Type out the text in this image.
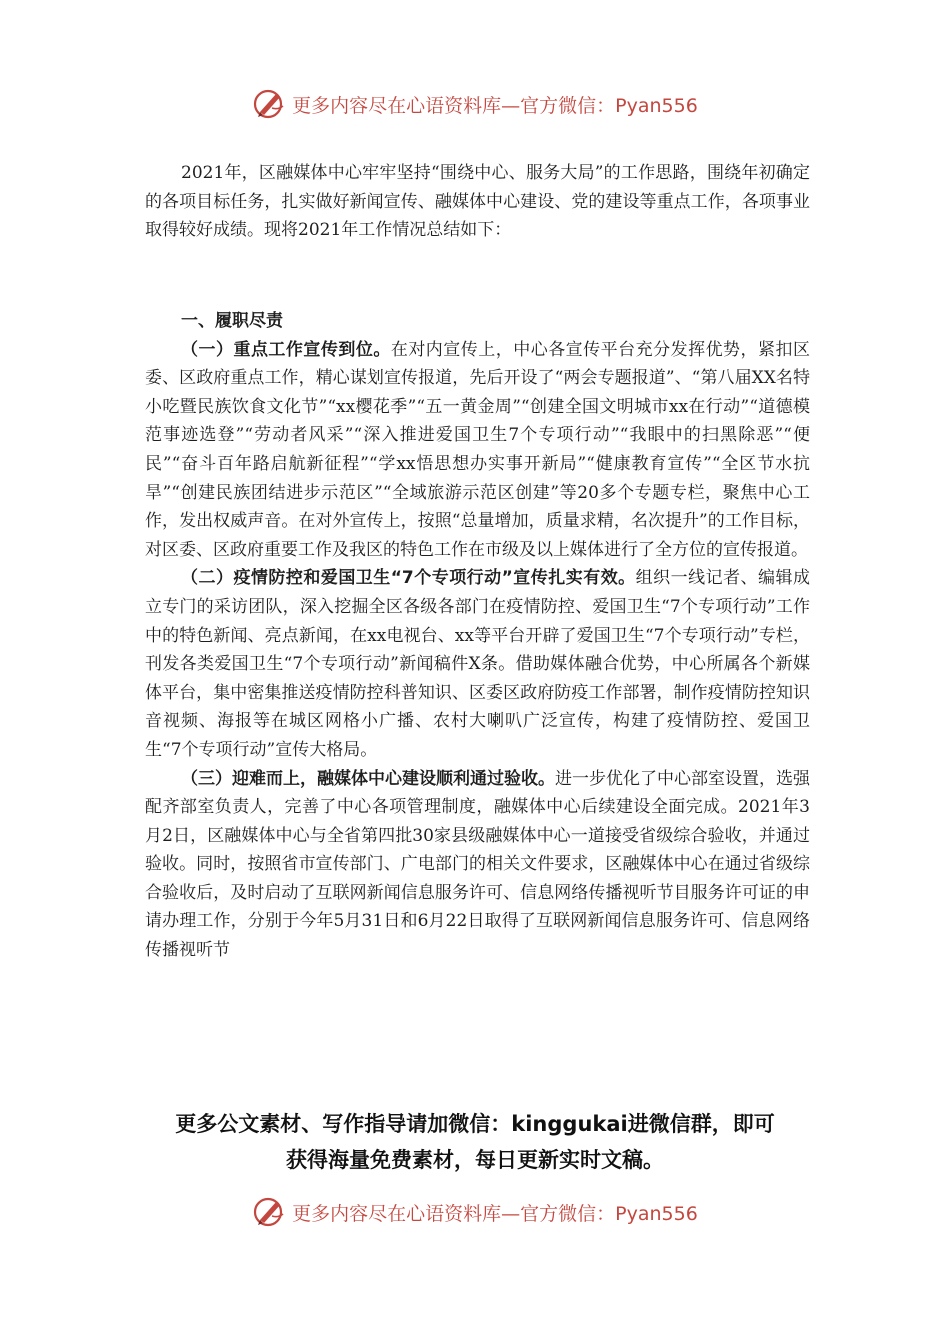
更多内容尽在心语资料库—官方微信：Pyan556

2021年，区融媒体中心牢牢坚持“围绕中心、服务大局”的工作思路，围绕年初确定的各项目标任务，扎实做好新闻宣传、融媒体中心建设、党的建设等重点工作，各项事业取得较好成绩。现将2021年工作情况总结如下：

一、履职尽责

（一）重点工作宣传到位。在对内宣传上，中心各宣传平台充分发挥优势，紧扣区委、区政府重点工作，精心谋划宣传报道，先后开设了“两会专题报道”、“第八届XX名特小吃暨民族饮食文化节”“xx樱花季”“五一黄金周”“创建全国文明城市xx在行动”“道德模范事迹选登”“劳动者风采”“深入推进爱国卫生7个专项行动”“我眼中的扫黑除恶”“便民”“奋斗百年路启航新征程”“学xx悟思想办实事开新局”“健康教育宣传”“全区节水抗旱”“创建民族团结进步示范区”“全域旅游示范区创建”等20多个专题专栏，聚焦中心工作，发出权威声音。在对外宣传上，按照“总量增加，质量求精，名次提升”的工作目标，对区委、区政府重要工作及我区的特色工作在市级及以上媒体进行了全方位的宣传报道。

（二）疫情防控和爱国卫生“7个专项行动”宣传扎实有效。组织一线记者、编辑成立专门的采访团队，深入挖掘全区各级各部门在疫情防控、爱国卫生“7个专项行动”工作中的特色新闻、亮点新闻，在xx电视台、xx等平台开辟了爱国卫生“7个专项行动”专栏，刊发各类爱国卫生“7个专项行动”新闻稿件X条。借助媒体融合优势，中心所属各个新媒体平台，集中密集推送疫情防控科普知识、区委区政府防疫工作部署，制作疫情防控知识音视频、海报等在城区网格小广播、农村大喇叭广泛宣传，构建了疫情防控、爱国卫生“7个专项行动”宣传大格局。

（三）迎难而上，融媒体中心建设顺利通过验收。进一步优化了中心部室设置，选强配齐部室负责人，完善了中心各项管理制度，融媒体中心后续建设全面完成。2021年3月2日，区融媒体中心与全省第四批30家县级融媒体中心一道接受省级综合验收，并通过验收。同时，按照省市宣传部门、广电部门的相关文件要求，区融媒体中心在通过省级综合验收后，及时启动了互联网新闻信息服务许可、信息网络传播视听节目服务许可证的申请办理工作，分别于今年5月31日和6月22日取得了互联网新闻信息服务许可、信息网络传播视听节

更多公文素材、写作指导请加微信：kinggukai进微信群，即可
获得海量免费素材，每日更新实时文稿。
更多内容尽在心语资料库—官方微信：Pyan556
